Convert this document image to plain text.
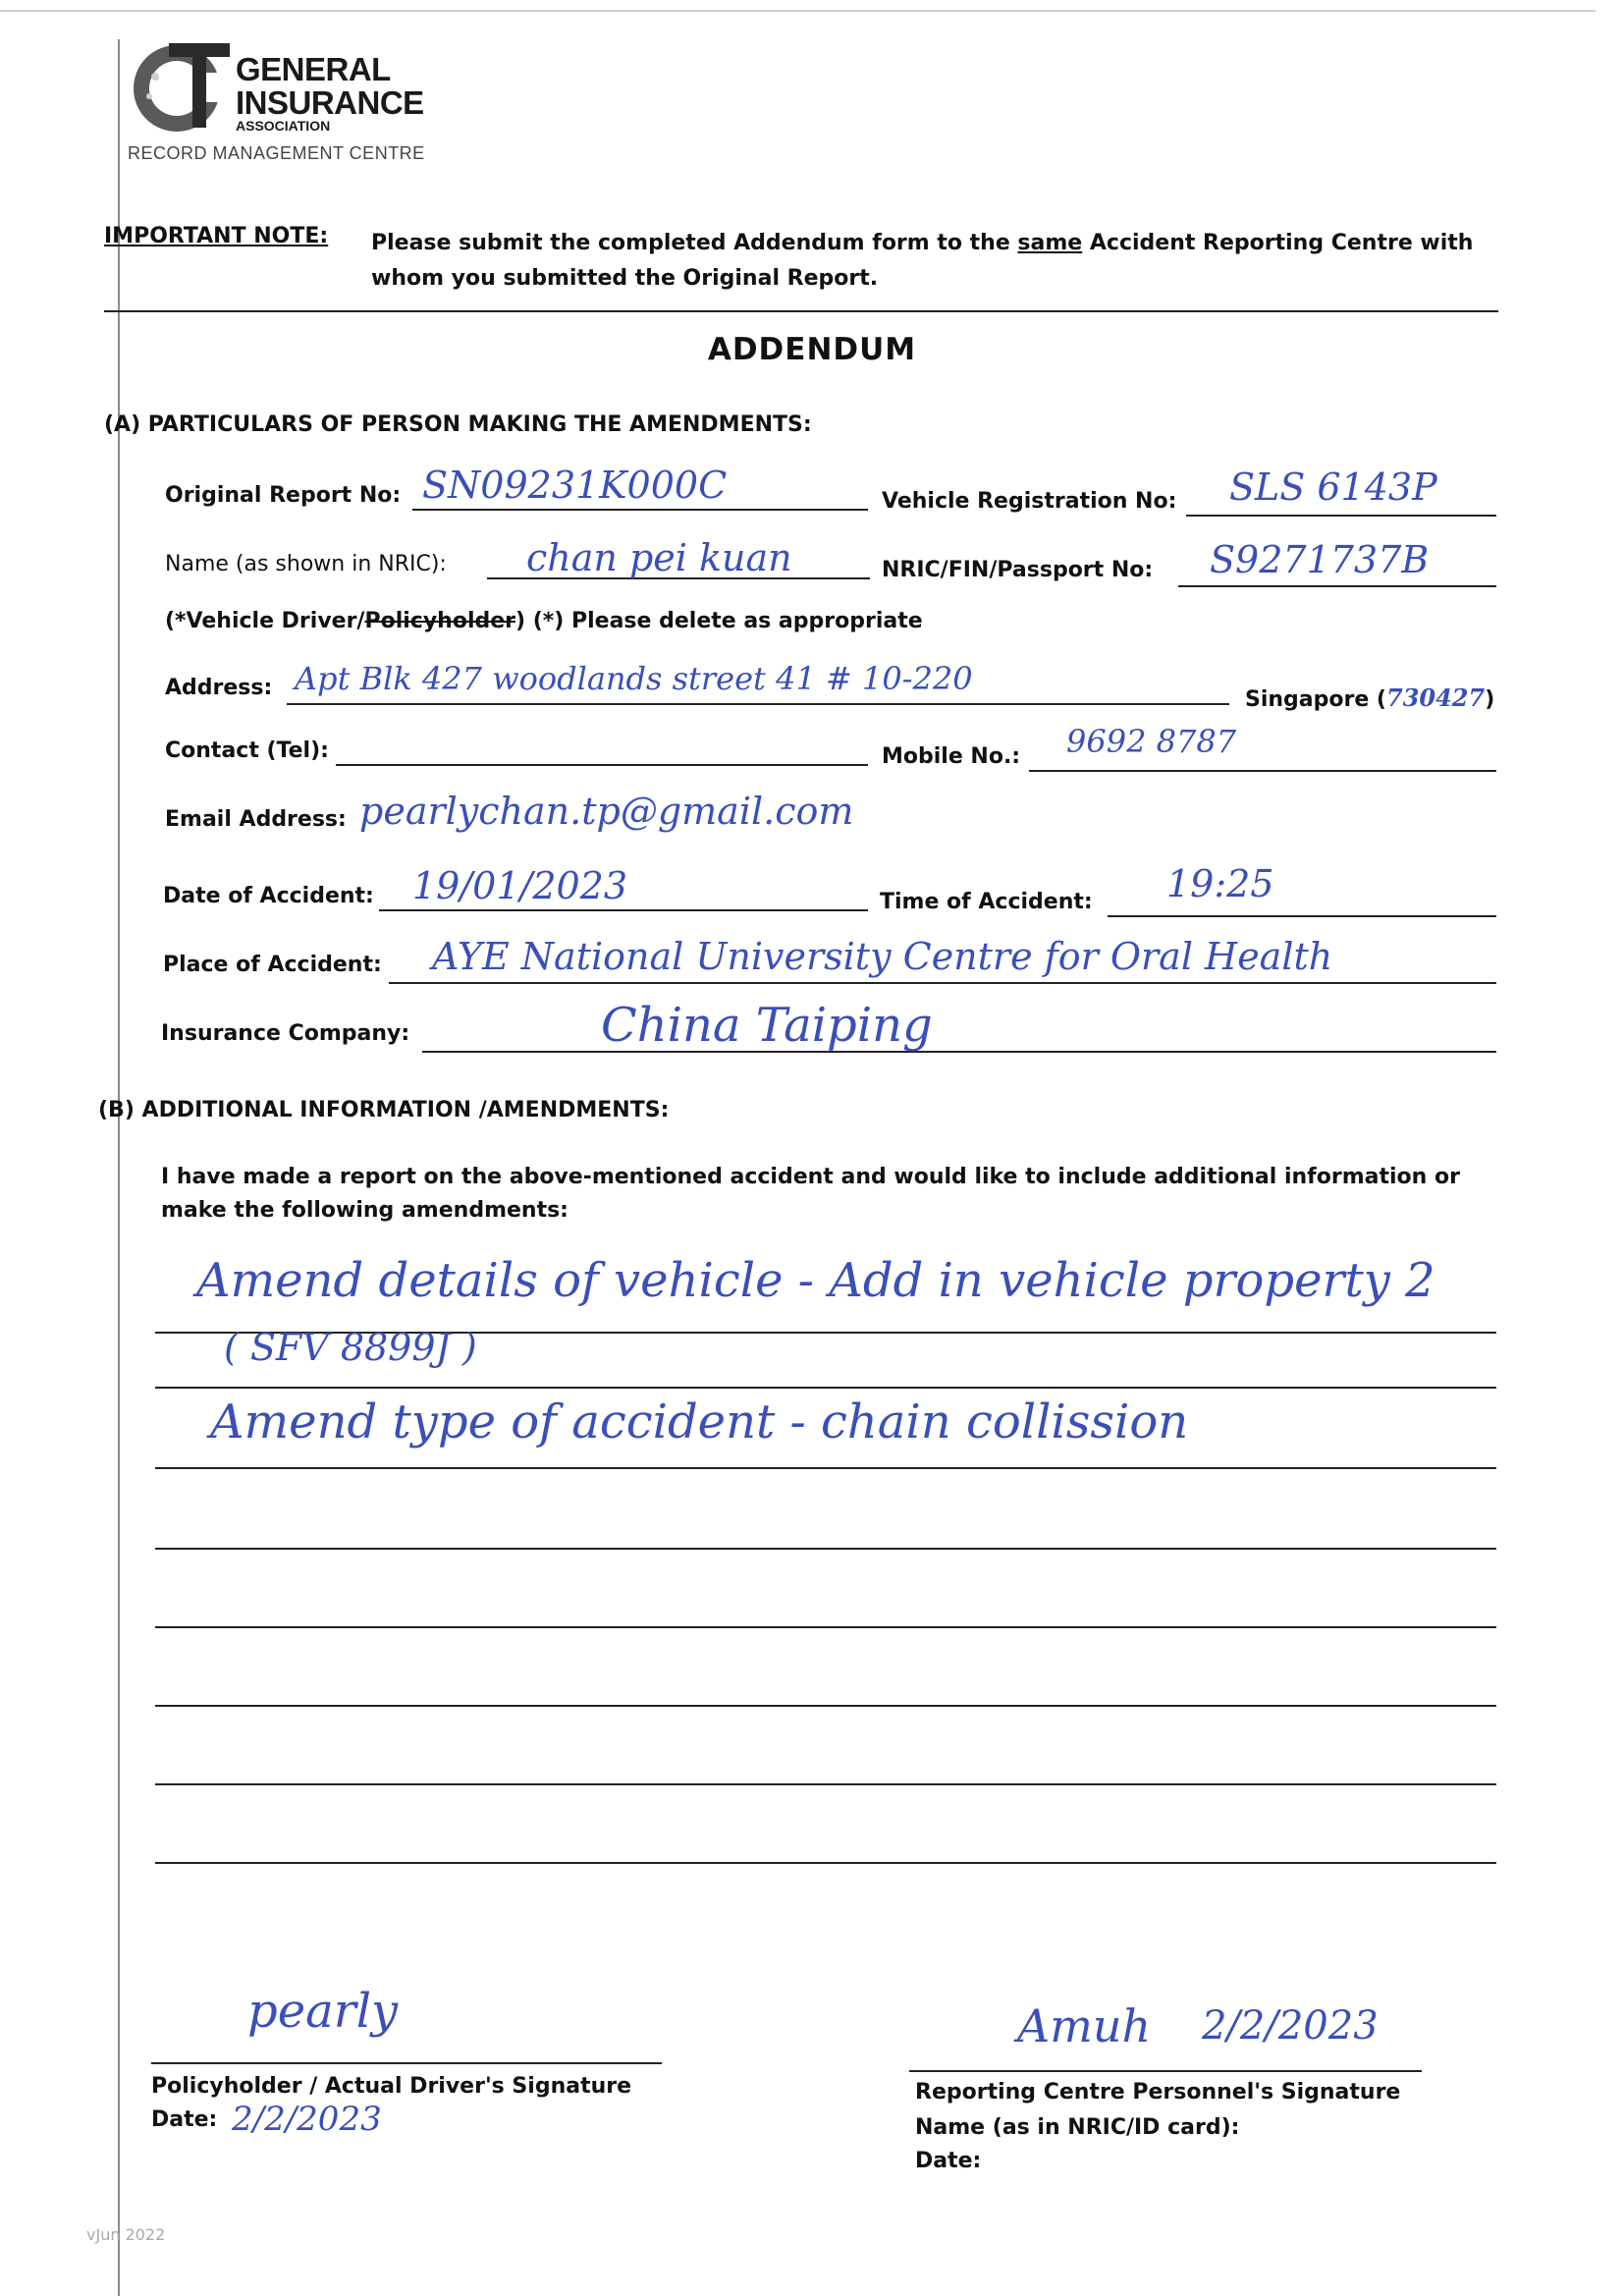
GENERAL
INSURANCE
ASSOCIATION
RECORD MANAGEMENT CENTRE
IMPORTANT NOTE: Please submit the completed Addendum form to the same Accident Reporting Centre with whom you submitted the Original Report.
ADDENDUM
(A) PARTICULARS OF PERSON MAKING THE AMENDMENTS:
Original Report No: SN09231K000C	Vehicle Registration No: SLS 6143P
Name (as shown in NRIC): chan pei kuan	NRIC/FIN/Passport No: S9271737B
(*Vehicle Driver/Policyholder) (*) Please delete as appropriate
Address: Apt Blk 427 woodlands street 41 # 10-220
Singapore (730427)
Contact (Tel):	Mobile No.: 9692 8787
Email Address: pearlychan.tp@gmail.com
Date of Accident: 19/01/2023	Time of Accident: 19:25
Place of Accident: AYE National University Centre for Oral Health
Insurance Company:	China Taiping
(B) ADDITIONAL INFORMATION /AMENDMENTS:
I have made a report on the above-mentioned accident and would like to include additional information or make the following amendments:
Amend details of vehicle - Add in vehicle property 2
( SFV 8899J )
Amend type of accident - chain collission
pearly
Policyholder / Actual Driver's Signature
Date: 2/2/2023
Amuh 2/2/2023
Reporting Centre Personnel's Signature
Name (as in NRIC/ID card):
Date:
vJun 2022
